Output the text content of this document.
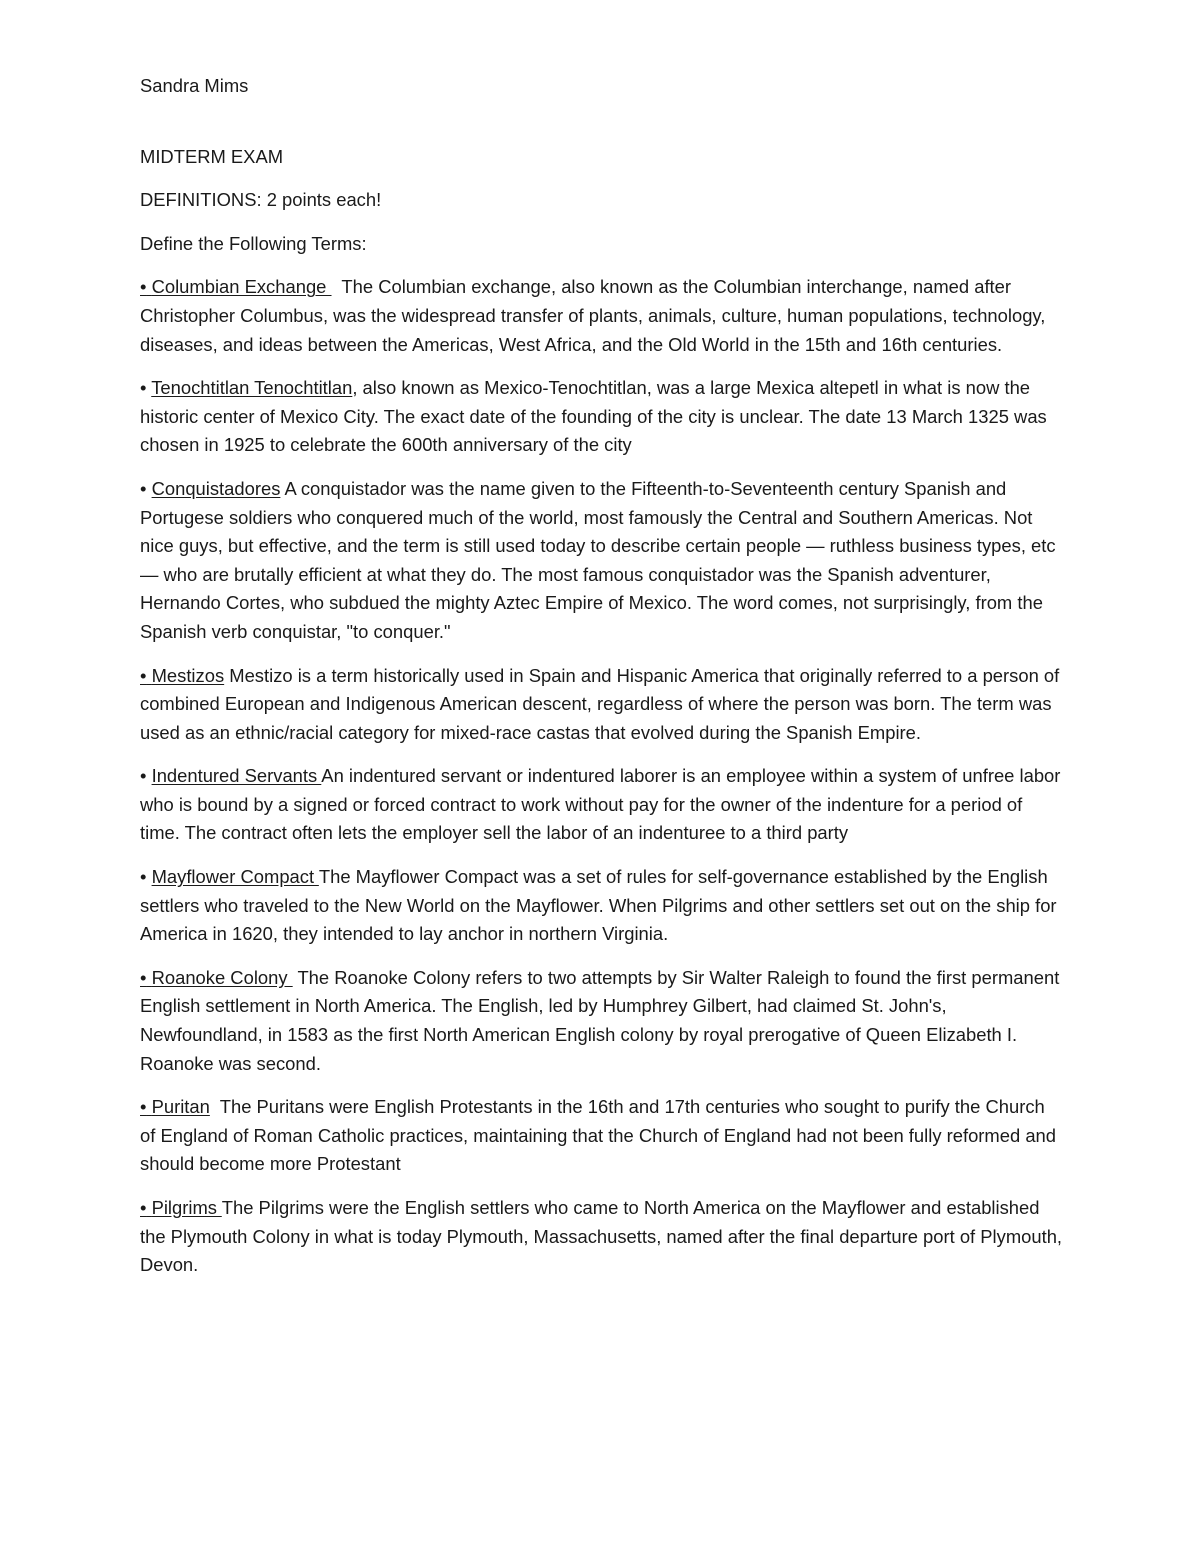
Sandra Mims

MIDTERM EXAM

DEFINITIONS: 2 points each!

Define the Following Terms:

• Columbian Exchange   The Columbian exchange, also known as the Columbian interchange, named after Christopher Columbus, was the widespread transfer of plants, animals, culture, human populations, technology, diseases, and ideas between the Americas, West Africa, and the Old World in the 15th and 16th centuries.

• Tenochtitlan Tenochtitlan, also known as Mexico-Tenochtitlan, was a large Mexica altepetl in what is now the historic center of Mexico City. The exact date of the founding of the city is unclear. The date 13 March 1325 was chosen in 1925 to celebrate the 600th anniversary of the city

• Conquistadores A conquistador was the name given to the Fifteenth-to-Seventeenth century Spanish and Portugese soldiers who conquered much of the world, most famously the Central and Southern Americas. Not nice guys, but effective, and the term is still used today to describe certain people — ruthless business types, etc — who are brutally efficient at what they do. The most famous conquistador was the Spanish adventurer, Hernando Cortes, who subdued the mighty Aztec Empire of Mexico. The word comes, not surprisingly, from the Spanish verb conquistar, "to conquer."

• Mestizos Mestizo is a term historically used in Spain and Hispanic America that originally referred to a person of combined European and Indigenous American descent, regardless of where the person was born. The term was used as an ethnic/racial category for mixed-race castas that evolved during the Spanish Empire.

• Indentured Servants An indentured servant or indentured laborer is an employee within a system of unfree labor who is bound by a signed or forced contract to work without pay for the owner of the indenture for a period of time. The contract often lets the employer sell the labor of an indenturee to a third party

• Mayflower Compact The Mayflower Compact was a set of rules for self-governance established by the English settlers who traveled to the New World on the Mayflower. When Pilgrims and other settlers set out on the ship for America in 1620, they intended to lay anchor in northern Virginia.

• Roanoke Colony  The Roanoke Colony refers to two attempts by Sir Walter Raleigh to found the first permanent English settlement in North America. The English, led by Humphrey Gilbert, had claimed St. John's, Newfoundland, in 1583 as the first North American English colony by royal prerogative of Queen Elizabeth I. Roanoke was second.

• Puritan  The Puritans were English Protestants in the 16th and 17th centuries who sought to purify the Church of England of Roman Catholic practices, maintaining that the Church of England had not been fully reformed and should become more Protestant

• Pilgrims The Pilgrims were the English settlers who came to North America on the Mayflower and established the Plymouth Colony in what is today Plymouth, Massachusetts, named after the final departure port of Plymouth, Devon.
